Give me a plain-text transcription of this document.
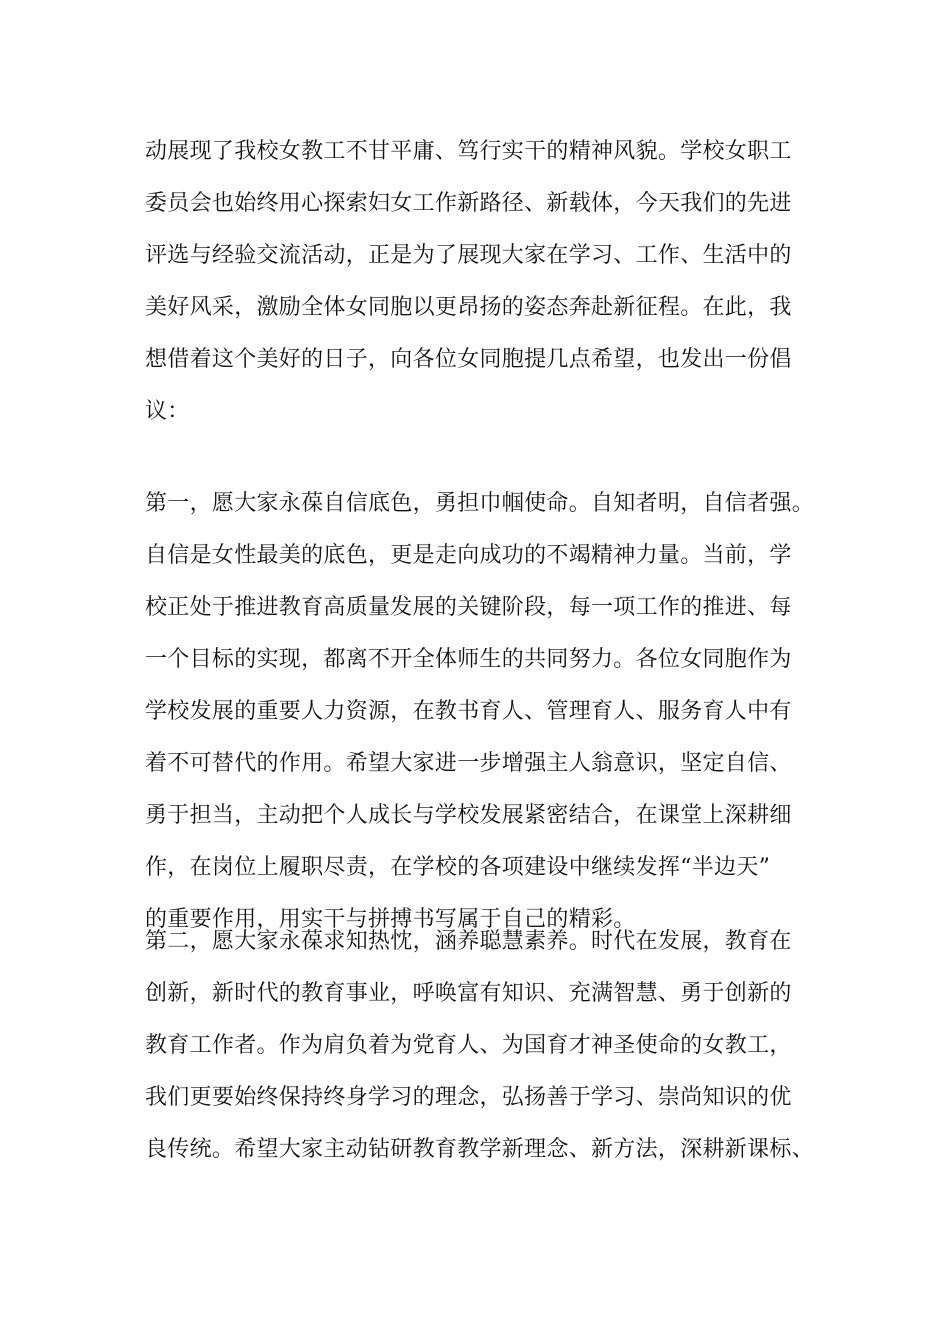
动展现了我校女教工不甘平庸、笃行实干的精神风貌。学校女职工
委员会也始终用心探索妇女工作新路径、新载体，今天我们的先进
评选与经验交流活动，正是为了展现大家在学习、工作、生活中的
美好风采，激励全体女同胞以更昂扬的姿态奔赴新征程。在此，我
想借着这个美好的日子，向各位女同胞提几点希望，也发出一份倡
议：
第一，愿大家永葆自信底色，勇担巾帼使命。自知者明，自信者强。
自信是女性最美的底色，更是走向成功的不竭精神力量。当前，学
校正处于推进教育高质量发展的关键阶段，每一项工作的推进、每
一个目标的实现，都离不开全体师生的共同努力。各位女同胞作为
学校发展的重要人力资源，在教书育人、管理育人、服务育人中有
着不可替代的作用。希望大家进一步增强主人翁意识，坚定自信、
勇于担当，主动把个人成长与学校发展紧密结合，在课堂上深耕细
作，在岗位上履职尽责，在学校的各项建设中继续发挥“半边天”
的重要作用，用实干与拼搏书写属于自己的精彩。
第二，愿大家永葆求知热忱，涵养聪慧素养。时代在发展，教育在
创新，新时代的教育事业，呼唤富有知识、充满智慧、勇于创新的
教育工作者。作为肩负着为党育人、为国育才神圣使命的女教工，
我们更要始终保持终身学习的理念，弘扬善于学习、崇尚知识的优
良传统。希望大家主动钻研教育教学新理念、新方法，深耕新课标、
